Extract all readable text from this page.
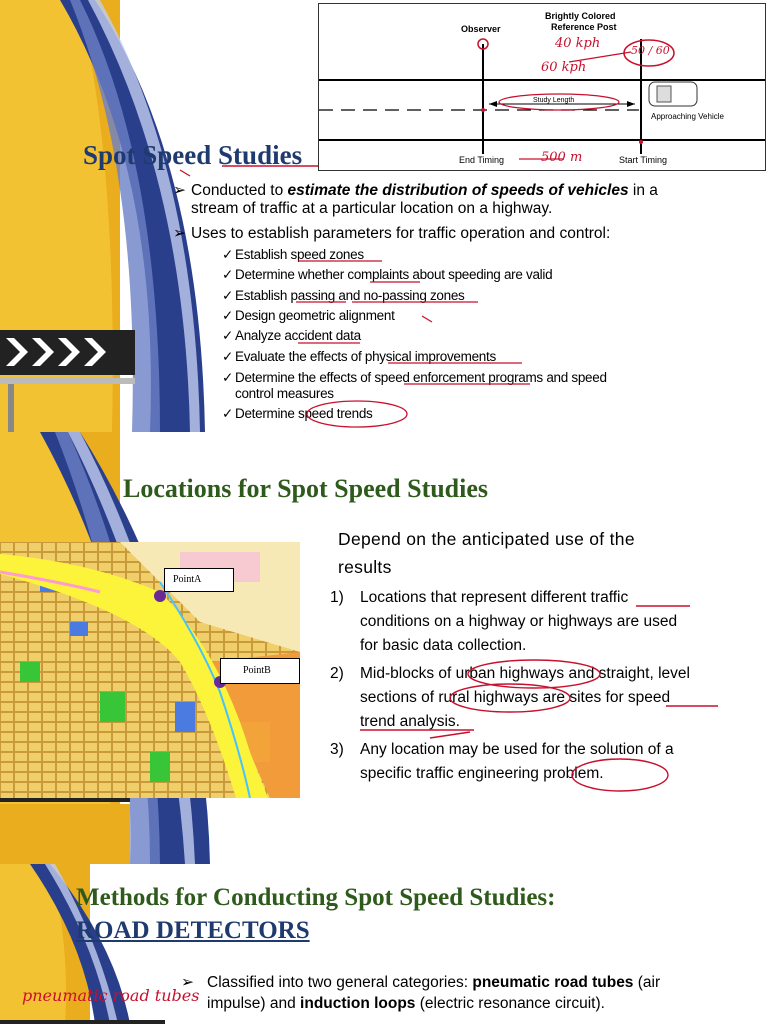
Observer
Brightly Colored
Reference Post
Study Length
Approaching Vehicle
End Timing	Start Timing
40 kph
60 kph
50 / 60
500 m
Spot Speed Studies
➢ Conducted to estimate the distribution of speeds of vehicles in a
stream of traffic at a particular location on a highway.
➢ Uses to establish parameters for traffic operation and control:
✓ Establish speed zones
✓ Determine whether complaints about speeding are valid
✓ Establish passing and no-passing zones
✓ Design geometric alignment
✓ Analyze accident data
✓ Evaluate the effects of physical improvements
✓ Determine the effects of speed enforcement programs and speed
control measures
✓ Determine speed trends
Locations for Spot Speed Studies
PointA
PointB
Depend on the anticipated use of the
results
1) Locations that represent different traffic
conditions on a highway or highways are used
for basic data collection.
2) Mid-blocks of urban highways and straight, level
sections of rural highways are sites for speed
trend analysis.
3) Any location may be used for the solution of a
specific traffic engineering problem.
Methods for Conducting Spot Speed Studies:
ROAD DETECTORS
➢ Classified into two general categories: pneumatic road tubes (air
impulse) and induction loops (electric resonance circuit).
pneumatic road tubes
